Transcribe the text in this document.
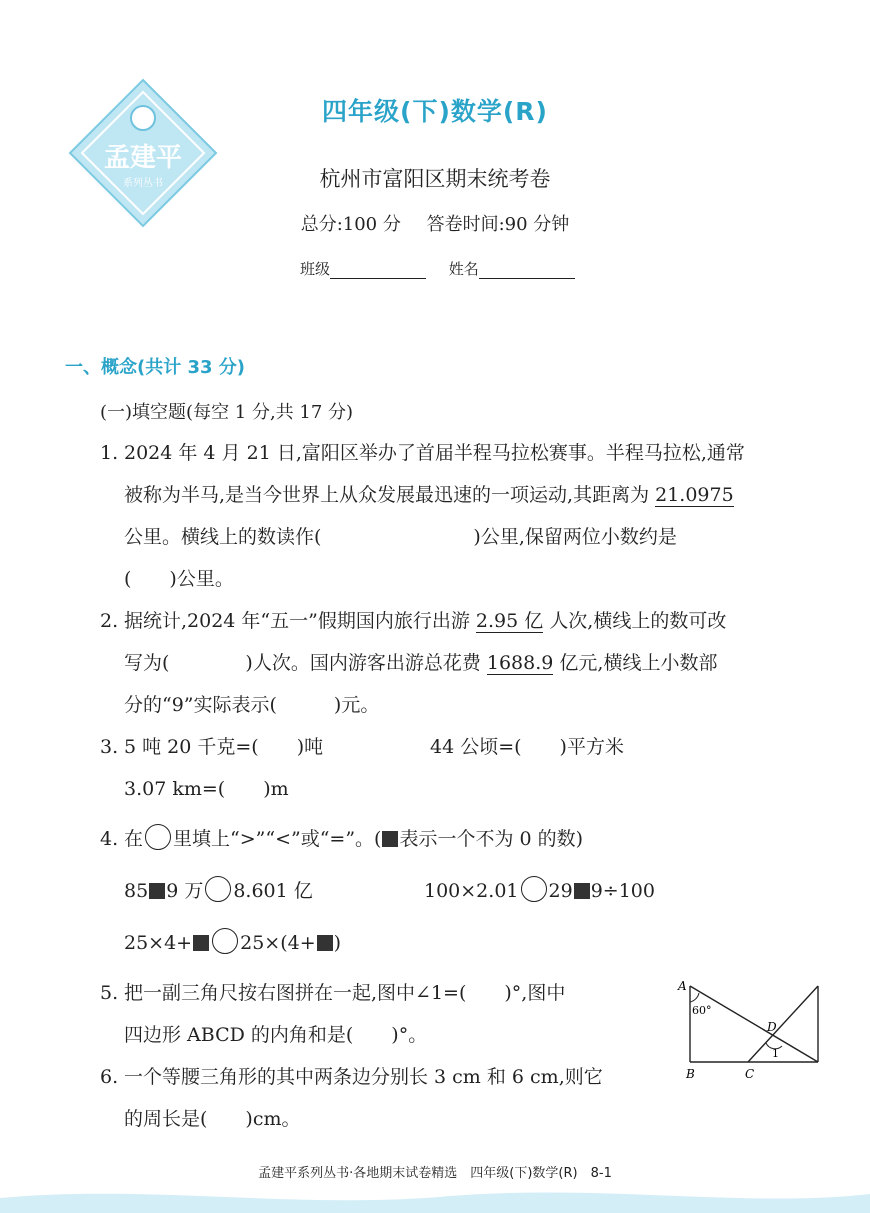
孟建平
系列丛书
四年级(下)数学(R)
杭州市富阳区期末统考卷
总分:100 分 答卷时间:90 分钟
班级	姓名
一、概念(共计 33 分)
(一)填空题(每空 1 分,共 17 分)
1. 2024 年 4 月 21 日,富阳区举办了首届半程马拉松赛事。半程马拉松,通常
被称为半马,是当今世界上从众发展最迅速的一项运动,其距离为 21.0975
公里。横线上的数读作(　　　　　　　　)公里,保留两位小数约是
(　　)公里。
2. 据统计,2024 年“五一”假期国内旅行出游 2.95 亿 人次,横线上的数可改
写为(　　　　)人次。国内游客出游总花费 1688.9 亿元,横线上小数部
分的“9”实际表示(　　　)元。
3. 5 吨 20 千克=(　　)吨	44 公顷=(　　)平方米
3.07 km=(　　)m
4. 在 里填上“>”“<”或“=”。( 表示一个不为 0 的数)
85 9 万 8.601 亿	100×2.01 29 9÷100
25×4+	25×(4+ )
5. 把一副三角尺按右图拼在一起,图中∠1=(　　)°,图中
四边形 ABCD 的内角和是(　　)°。
6. 一个等腰三角形的其中两条边分别长 3 cm 和 6 cm,则它
的周长是(　　)cm。
A
B	C
D
60°
1
孟建平系列丛书·各地期末试卷精选　四年级(下)数学(R)　8-1
